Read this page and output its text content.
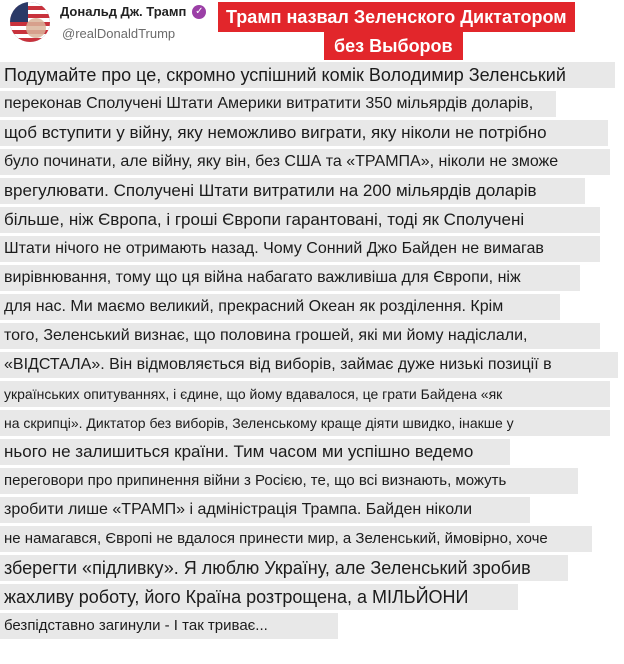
Дональд Дж. Трамп ✓
@realDonaldTrump
Трамп назвал Зеленского Диктатором
без Выборов
Подумайте про це, скромно успішний комік Володимир Зеленський
переконав Сполучені Штати Америки витратити 350 мільярдів доларів,
щоб вступити у війну, яку неможливо виграти, яку ніколи не потрібно
було починати, але війну, яку він, без США та «ТРАМПА», ніколи не зможе
врегулювати. Сполучені Штати витратили на 200 мільярдів доларів
більше, ніж Європа, і гроші Європи гарантовані, тоді як Сполучені
Штати нічого не отримають назад. Чому Сонний Джо Байден не вимагав
вирівнювання, тому що ця війна набагато важливіша для Європи, ніж
для нас. Ми маємо великий, прекрасний Океан як розділення. Крім
того, Зеленський визнає, що половина грошей, які ми йому надіслали,
«ВІДСТАЛА». Він відмовляється від виборів, займає дуже низькі позиції в
українських опитуваннях, і єдине, що йому вдавалося, це грати Байдена «як
на скрипці». Диктатор без виборів, Зеленському краще діяти швидко, інакше у
нього не залишиться країни. Тим часом ми успішно ведемо
переговори про припинення війни з Росією, те, що всі визнають, можуть
зробити лише «ТРАМП» і адміністрація Трампа. Байден ніколи
не намагався, Європі не вдалося принести мир, а Зеленський, ймовірно, хоче
зберегти «підливку». Я люблю Україну, але Зеленський зробив
жахливу роботу, його Країна розтрощена, а МІЛЬЙОНИ
безпідставно загинули - І так триває...
